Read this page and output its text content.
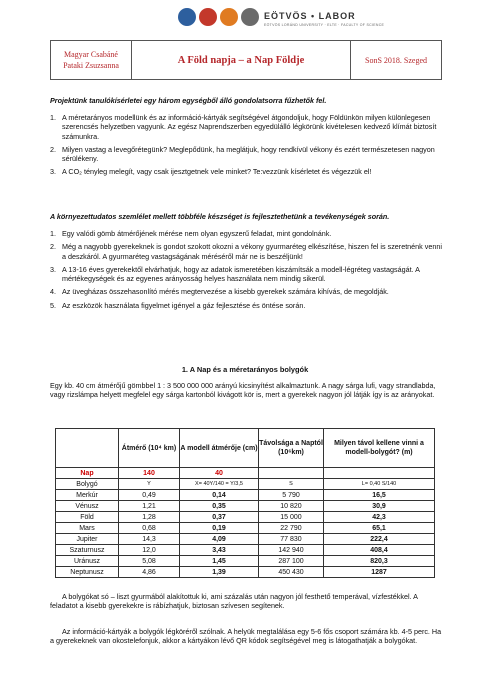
EÖTVÖS • LABOR
EÖTVÖS LORÁND UNIVERSITY · ELTE · FACULTY OF SCIENCE
Magyar Csabáné
Pataki Zsuzsanna	A Föld napja – a Nap Földje	SonS 2018. Szeged
Projektünk tanulókísérletei egy három egységből álló gondolatsorra fűzhetők fel.
1. A méretarányos modellünk és az információ-kártyák segítségével átgondoljuk, hogy Földünkön milyen különlegesen szerencsés helyzetben vagyunk. Az egész Naprendszerben egyedülálló légkörünk kivételesen kedvező klímát biztosít számunkra.
2. Milyen vastag a levegőrétegünk? Meglepődünk, ha meglátjuk, hogy rendkívül vékony és ezért természetesen nagyon sérülékeny.
3. A CO₂ tényleg melegít, vagy csak ijesztgetnek vele minket? Te:vezzünk kísérletet és végezzük el!
A környezettudatos szemlélet mellett többféle készséget is fejlesztethetünk a tevékenységek során.
1. Egy valódi gömb átmérőjének mérése nem olyan egyszerű feladat, mint gondolnánk.
2. Még a nagyobb gyerekeknek is gondot szokott okozni a vékony gyurmaréteg elkészítése, hiszen fel is szeretnénk venni a deszkáról. A gyurmaréteg vastagságának méréséről már ne is beszéljünk!
3. A 13-16 éves gyerekektől elvárhatjuk, hogy az adatok ismeretében kiszámítsák a modell-légréteg vastagságát. A mértékegységek és az egyenes arányosság helyes használata nem mindig sikerül.
4. Az üvegházas összehasonlító mérés megtervezése a kisebb gyerekek számára kihívás, de megoldják.
5. Az eszközök használata figyelmet igényel a gáz fejlesztése és öntése során.
1. A Nap és a méretarányos bolygók
Egy kb. 40 cm átmérőjű gömbbel 1 : 3 500 000 000 arányú kicsinyítést alkalmaztunk. A nagy sárga lufi, vagy strandlabda, vagy rizslámpa helyett megfelel egy sárga kartonból kivágott kör is, mert a gyerekek nagyon jól látják így is az arányokat.
	Átmérő (10⁴ km)	A modell átmérője (cm)	Távolsága a Naptól (10⁶km)	Milyen távol kellene vinni a modell-bolygót? (m)
Nap	140	40		
Bolygó	Y	X= 40Y/140 = Y/3,5	S	L= 0,40 S/140
Merkúr	0,49	0,14	5 790	16,5
Vénusz	1,21	0,35	10 820	30,9
Föld	1,28	0,37	15 000	42,3
Mars	0,68	0,19	22 790	65,1
Jupiter	14,3	4,09	77 830	222,4
Szaturnusz	12,0	3,43	142 940	408,4
Uránusz	5,08	1,45	287 100	820,3
Neptunusz	4,86	1,39	450 430	1287
A bolygókat só – liszt gyurmából alakítottuk ki, ami százalás után nagyon jól festhető temperával, vízfestékkel. A feladatot a kisebb gyerekekre is rábízhatjuk, biztosan szívesen segítenek.
Az információ-kártyák a bolygók légköréről szólnak. A helyük megtalálása egy 5-6 fős csoport számára kb. 4-5 perc. Ha a gyerekeknek van okostelefonjuk, akkor a kártyákon lévő QR kódok segítségével meg is látogathatják a bolygókat.
